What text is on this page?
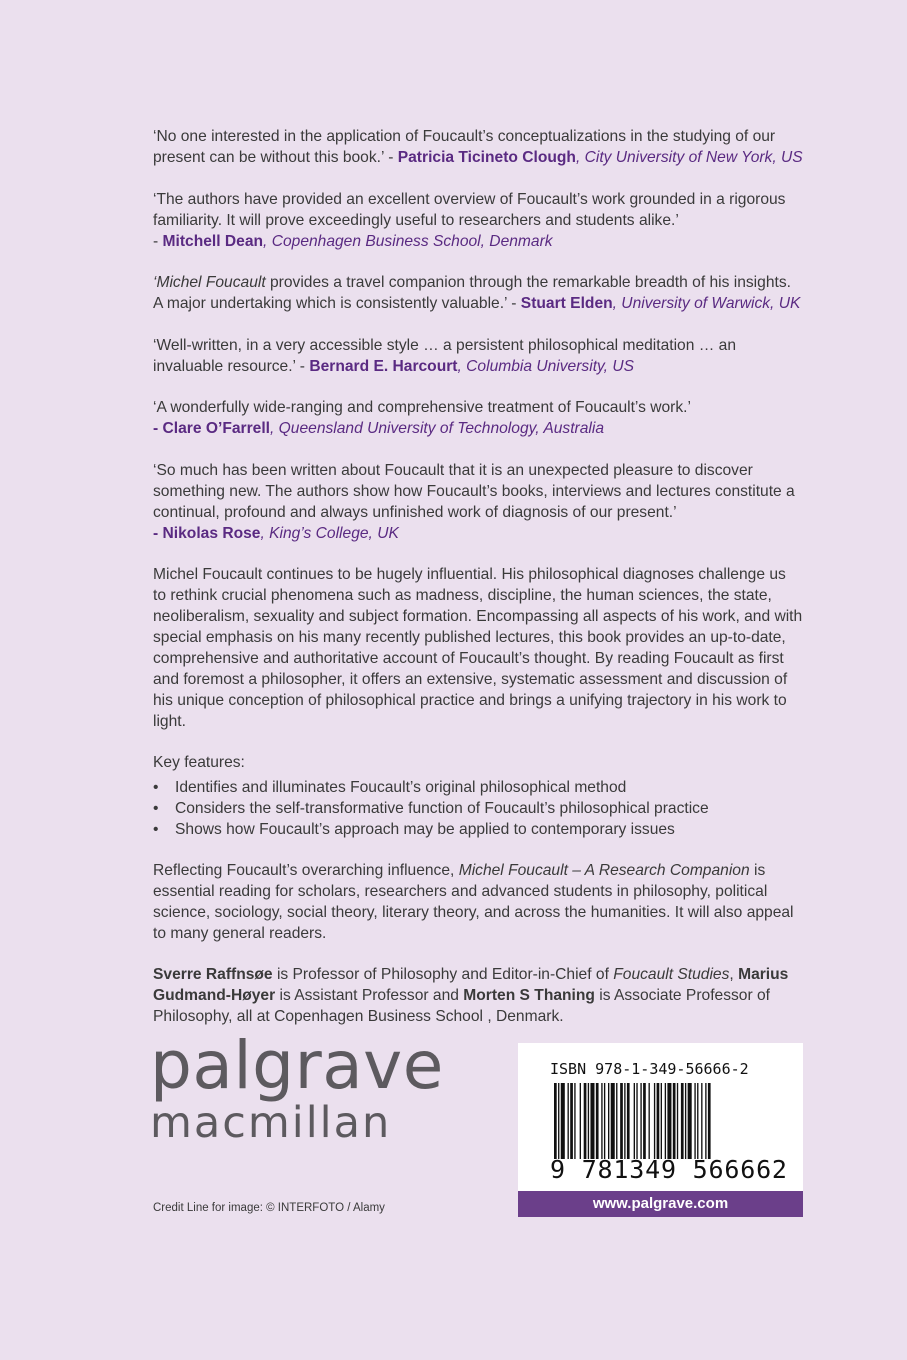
‘No one interested in the application of Foucault’s conceptualizations in the studying of our present can be without this book.’ - Patricia Ticineto Clough, City University of New York, US

‘The authors have provided an excellent overview of Foucault’s work grounded in a rigorous familiarity. It will prove exceedingly useful to researchers and students alike.’
- Mitchell Dean, Copenhagen Business School, Denmark

‘Michel Foucault provides a travel companion through the remarkable breadth of his insights. A major undertaking which is consistently valuable.’ - Stuart Elden, University of Warwick, UK

‘Well-written, in a very accessible style … a persistent philosophical meditation … an invaluable resource.’ - Bernard E. Harcourt, Columbia University, US

‘A wonderfully wide-ranging and comprehensive treatment of Foucault’s work.’
- Clare O’Farrell, Queensland University of Technology, Australia

‘So much has been written about Foucault that it is an unexpected pleasure to discover something new. The authors show how Foucault’s books, interviews and lectures constitute a continual, profound and always unfinished work of diagnosis of our present.’
- Nikolas Rose, King’s College, UK

Michel Foucault continues to be hugely influential. His philosophical diagnoses challenge us to rethink crucial phenomena such as madness, discipline, the human sciences, the state, neoliberalism, sexuality and subject formation. Encompassing all aspects of his work, and with special emphasis on his many recently published lectures, this book provides an up-to-date, comprehensive and authoritative account of Foucault’s thought. By reading Foucault as first and foremost a philosopher, it offers an extensive, systematic assessment and discussion of his unique conception of philosophical practice and brings a unifying trajectory in his work to light.

Key features:

• Identifies and illuminates Foucault’s original philosophical method
• Considers the self-transformative function of Foucault’s philosophical practice
• Shows how Foucault’s approach may be applied to contemporary issues

Reflecting Foucault’s overarching influence, Michel Foucault – A Research Companion is essential reading for scholars, researchers and advanced students in philosophy, political science, sociology, social theory, literary theory, and across the humanities. It will also appeal to many general readers.

Sverre Raffnsøe is Professor of Philosophy and Editor-in-Chief of Foucault Studies, Marius Gudmand-Høyer is Assistant Professor and Morten S Thaning is Associate Professor of Philosophy, all at Copenhagen Business School , Denmark.

palgrave
macmillan
Credit Line for image: © INTERFOTO / Alamy
ISBN 978-1-349-56666-2
9 781349 566662
www.palgrave.com
